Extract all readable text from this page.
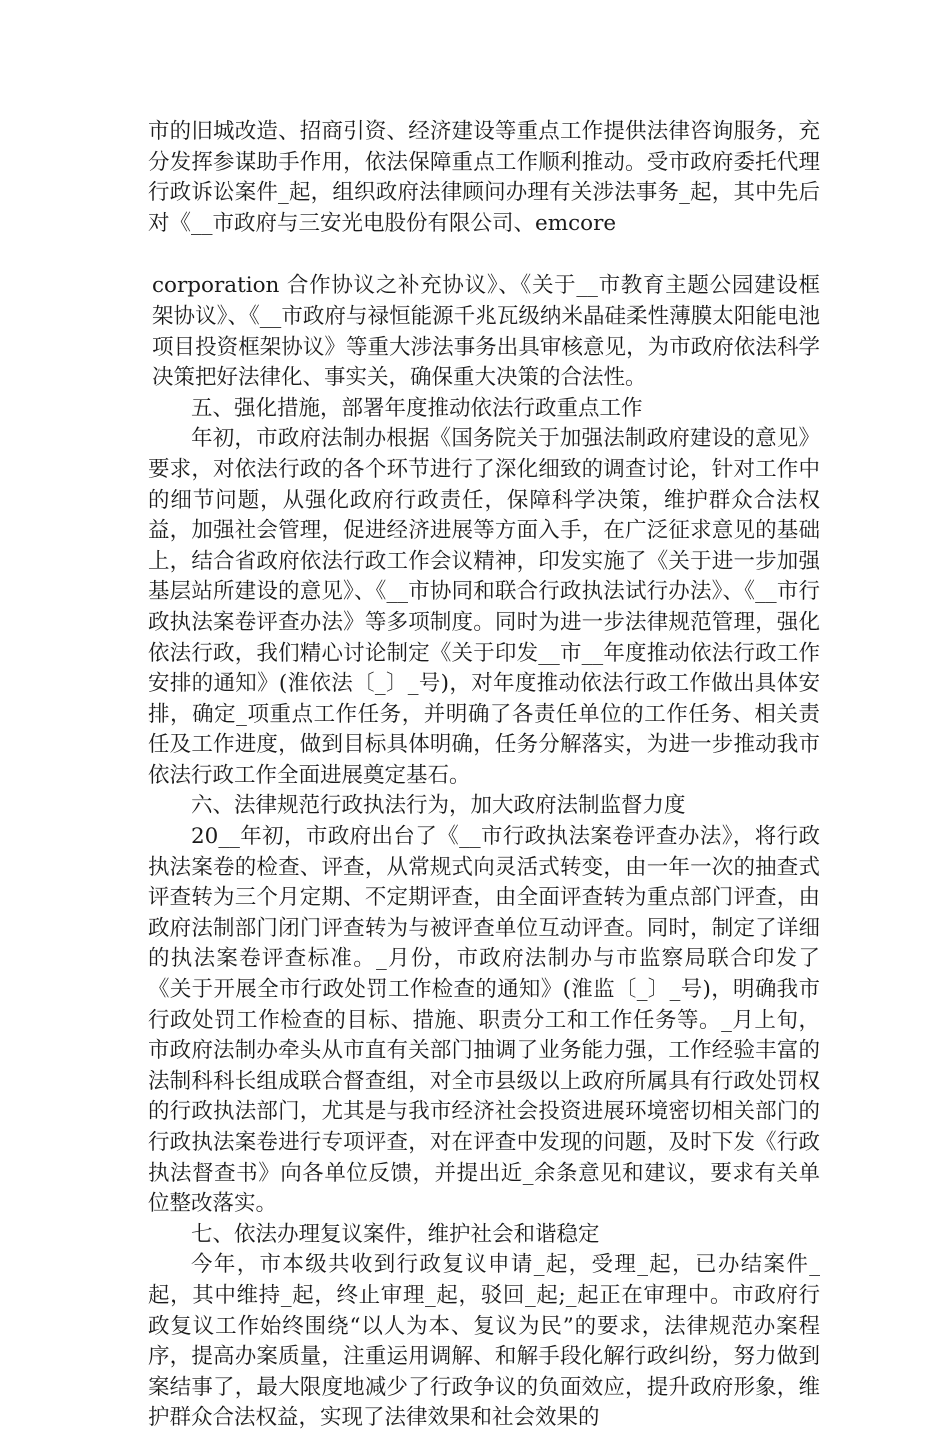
市的旧城改造、招商引资、经济建设等重点工作提供法律咨询服务，充分发挥参谋助手作用，依法保障重点工作顺利推动。受市政府委托代理行政诉讼案件_起，组织政府法律顾问办理有关涉法事务_起，其中先后对《__市政府与三安光电股份有限公司、emcore

corporation 合作协议之补充协议》、《关于__市教育主题公园建设框架协议》、《__市政府与禄恒能源千兆瓦级纳米晶硅柔性薄膜太阳能电池项目投资框架协议》等重大涉法事务出具审核意见，为市政府依法科学决策把好法律化、事实关，确保重大决策的合法性。

五、强化措施，部署年度推动依法行政重点工作

年初，市政府法制办根据《国务院关于加强法制政府建设的意见》要求，对依法行政的各个环节进行了深化细致的调查讨论，针对工作中的细节问题，从强化政府行政责任，保障科学决策，维护群众合法权益，加强社会管理，促进经济进展等方面入手，在广泛征求意见的基础上，结合省政府依法行政工作会议精神，印发实施了《关于进一步加强基层站所建设的意见》、《__市协同和联合行政执法试行办法》、《__市行政执法案卷评查办法》等多项制度。同时为进一步法律规范管理，强化依法行政，我们精心讨论制定《关于印发__市__年度推动依法行政工作安排的通知》(淮依法〔_〕_号)，对年度推动依法行政工作做出具体安排，确定_项重点工作任务，并明确了各责任单位的工作任务、相关责任及工作进度，做到目标具体明确，任务分解落实，为进一步推动我市依法行政工作全面进展奠定基石。

六、法律规范行政执法行为，加大政府法制监督力度

20__年初，市政府出台了《__市行政执法案卷评查办法》，将行政执法案卷的检查、评查，从常规式向灵活式转变，由一年一次的抽查式评查转为三个月定期、不定期评查，由全面评查转为重点部门评查，由政府法制部门闭门评查转为与被评查单位互动评查。同时，制定了详细的执法案卷评查标准。_月份，市政府法制办与市监察局联合印发了《关于开展全市行政处罚工作检查的通知》(淮监〔_〕_号)，明确我市行政处罚工作检查的目标、措施、职责分工和工作任务等。_月上旬，市政府法制办牵头从市直有关部门抽调了业务能力强，工作经验丰富的法制科科长组成联合督查组，对全市县级以上政府所属具有行政处罚权的行政执法部门，尤其是与我市经济社会投资进展环境密切相关部门的行政执法案卷进行专项评查，对在评查中发现的问题，及时下发《行政执法督查书》向各单位反馈，并提出近_余条意见和建议，要求有关单位整改落实。

七、依法办理复议案件，维护社会和谐稳定

今年，市本级共收到行政复议申请_起，受理_起，已办结案件_起，其中维持_起，终止审理_起，驳回_起;_起正在审理中。市政府行政复议工作始终围绕“以人为本、复议为民”的要求，法律规范办案程序，提高办案质量，注重运用调解、和解手段化解行政纠纷，努力做到案结事了，最大限度地减少了行政争议的负面效应，提升政府形象，维护群众合法权益，实现了法律效果和社会效果的
